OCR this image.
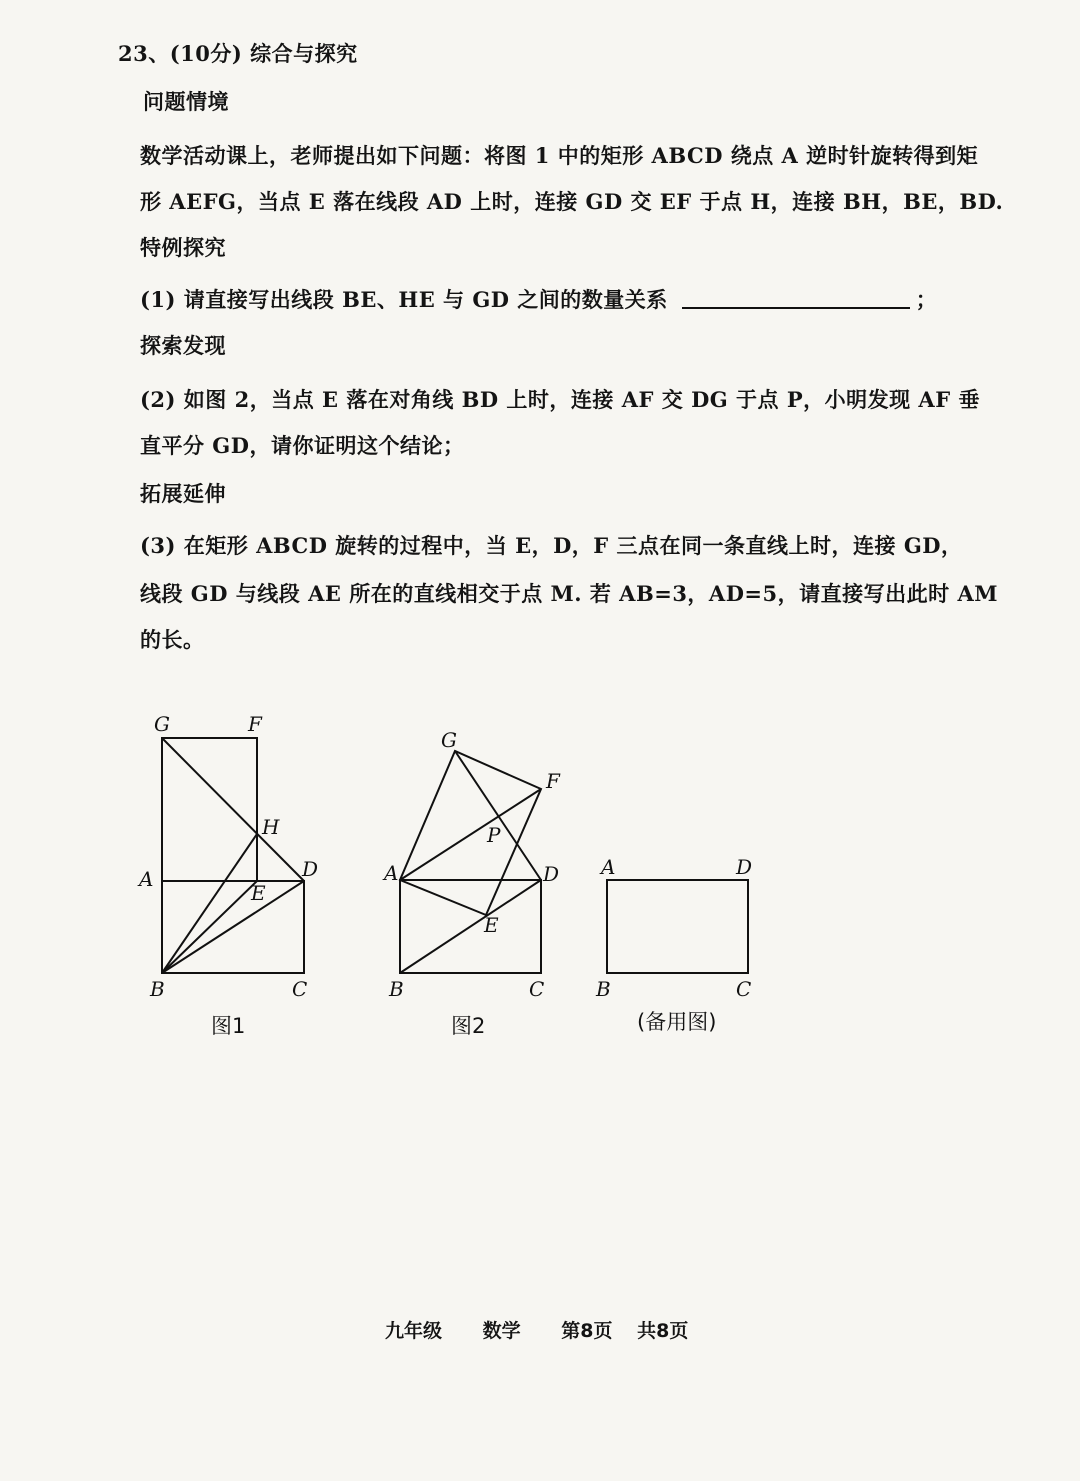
23、(10分) 综合与探究
问题情境
数学活动课上，老师提出如下问题：将图 1 中的矩形 ABCD 绕点 A 逆时针旋转得到矩
形 AEFG，当点 E 落在线段 AD 上时，连接 GD 交 EF 于点 H，连接 BH，BE，BD.
特例探究
(1) 请直接写出线段 BE、HE 与 GD 之间的数量关系	；
探索发现
(2) 如图 2，当点 E 落在对角线 BD 上时，连接 AF 交 DG 于点 P，小明发现 AF 垂
直平分 GD，请你证明这个结论；
拓展延伸
(3) 在矩形 ABCD 旋转的过程中，当 E，D，F 三点在同一条直线上时，连接 GD，
线段 GD 与线段 AE 所在的直线相交于点 M. 若 AB=3，AD=5，请直接写出此时 AM
的长。
G	F
H
A
E
D
B	C
图1
G
F
P
A	D
E
B	C
图2
A	D
B	C
(备用图)
九年级 数学 第8页 共8页
